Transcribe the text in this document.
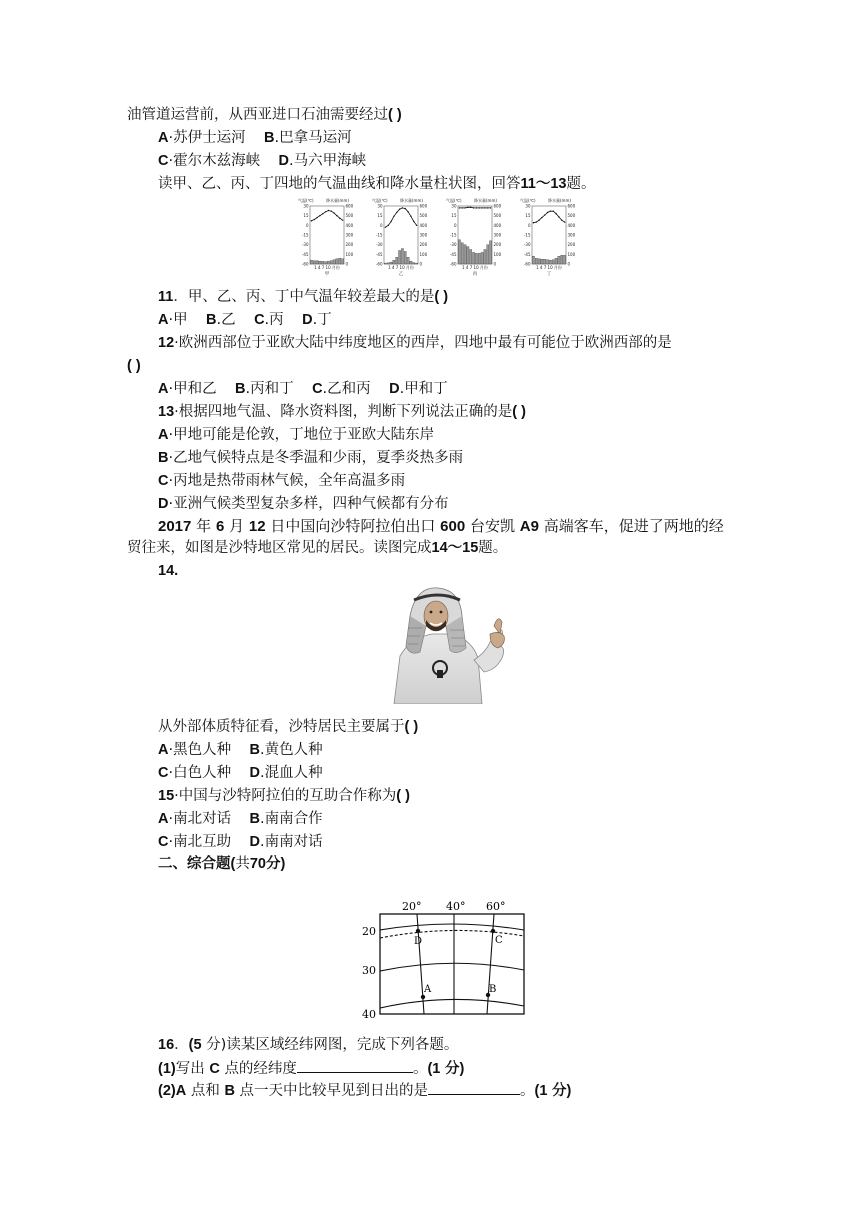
油管道运营前，从西亚进口石油需要经过( )
A·苏伊士运河 B.巴拿马运河
C·霍尔木兹海峡 D.马六甲海峡
读甲、乙、丙、丁四地的气温曲线和降水量柱状图，回答11～13题。
气温(℃)	降水量(mm)
30
15
0
-15
-30
-45
-60
600
500
400
300
200
100
0
1 4 7 10 月份
甲
气温(℃)	降水量(mm)
30
15
0
-15
-30
-45
-60
600
500
400
300
200
100
0
1 4 7 10 月份
乙
气温(℃)	降水量(mm)
30
15
0
-15
-30
-45
-60
600
500
400
300
200
100
0
1 4 7 10 月份
丙
气温(℃)	降水量(mm)
30
15
0
-15
-30
-45
-60
600
500
400
300
200
100
0
1 4 7 10 月份
丁
11．甲、乙、丙、丁中气温年较差最大的是( )
A·甲 B.乙 C.丙 D.丁
12·欧洲西部位于亚欧大陆中纬度地区的西岸，四地中最有可能位于欧洲西部的是
( )
A·甲和乙 B.丙和丁 C.乙和丙 D.甲和丁
13·根据四地气温、降水资料图，判断下列说法正确的是( )
A·甲地可能是伦敦，丁地位于亚欧大陆东岸
B·乙地气候特点是冬季温和少雨，夏季炎热多雨
C·丙地是热带雨林气候，全年高温多雨
D·亚洲气候类型复杂多样，四种气候都有分布
2017 年 6 月 12 日中国向沙特阿拉伯出口 600 台安凯 A9 高端客车，促进了两地的经
贸往来，如图是沙特地区常见的居民。读图完成14～15题。
14.
从外部体质特征看，沙特居民主要属于( )
A·黑色人种 B.黄色人种
C·白色人种 D.混血人种
15·中国与沙特阿拉伯的互助合作称为( )
A·南北对话 B.南南合作
C·南北互助 D.南南对话
二、综合题(共70分)
20° 40° 60°
20
30
40
D	C
A	B
16．(5 分)读某区域经纬网图，完成下列各题。
(1)写出 C 点的经纬度	。(1 分)
(2)A 点和 B 点一天中比较早见到日出的是	。(1 分)
